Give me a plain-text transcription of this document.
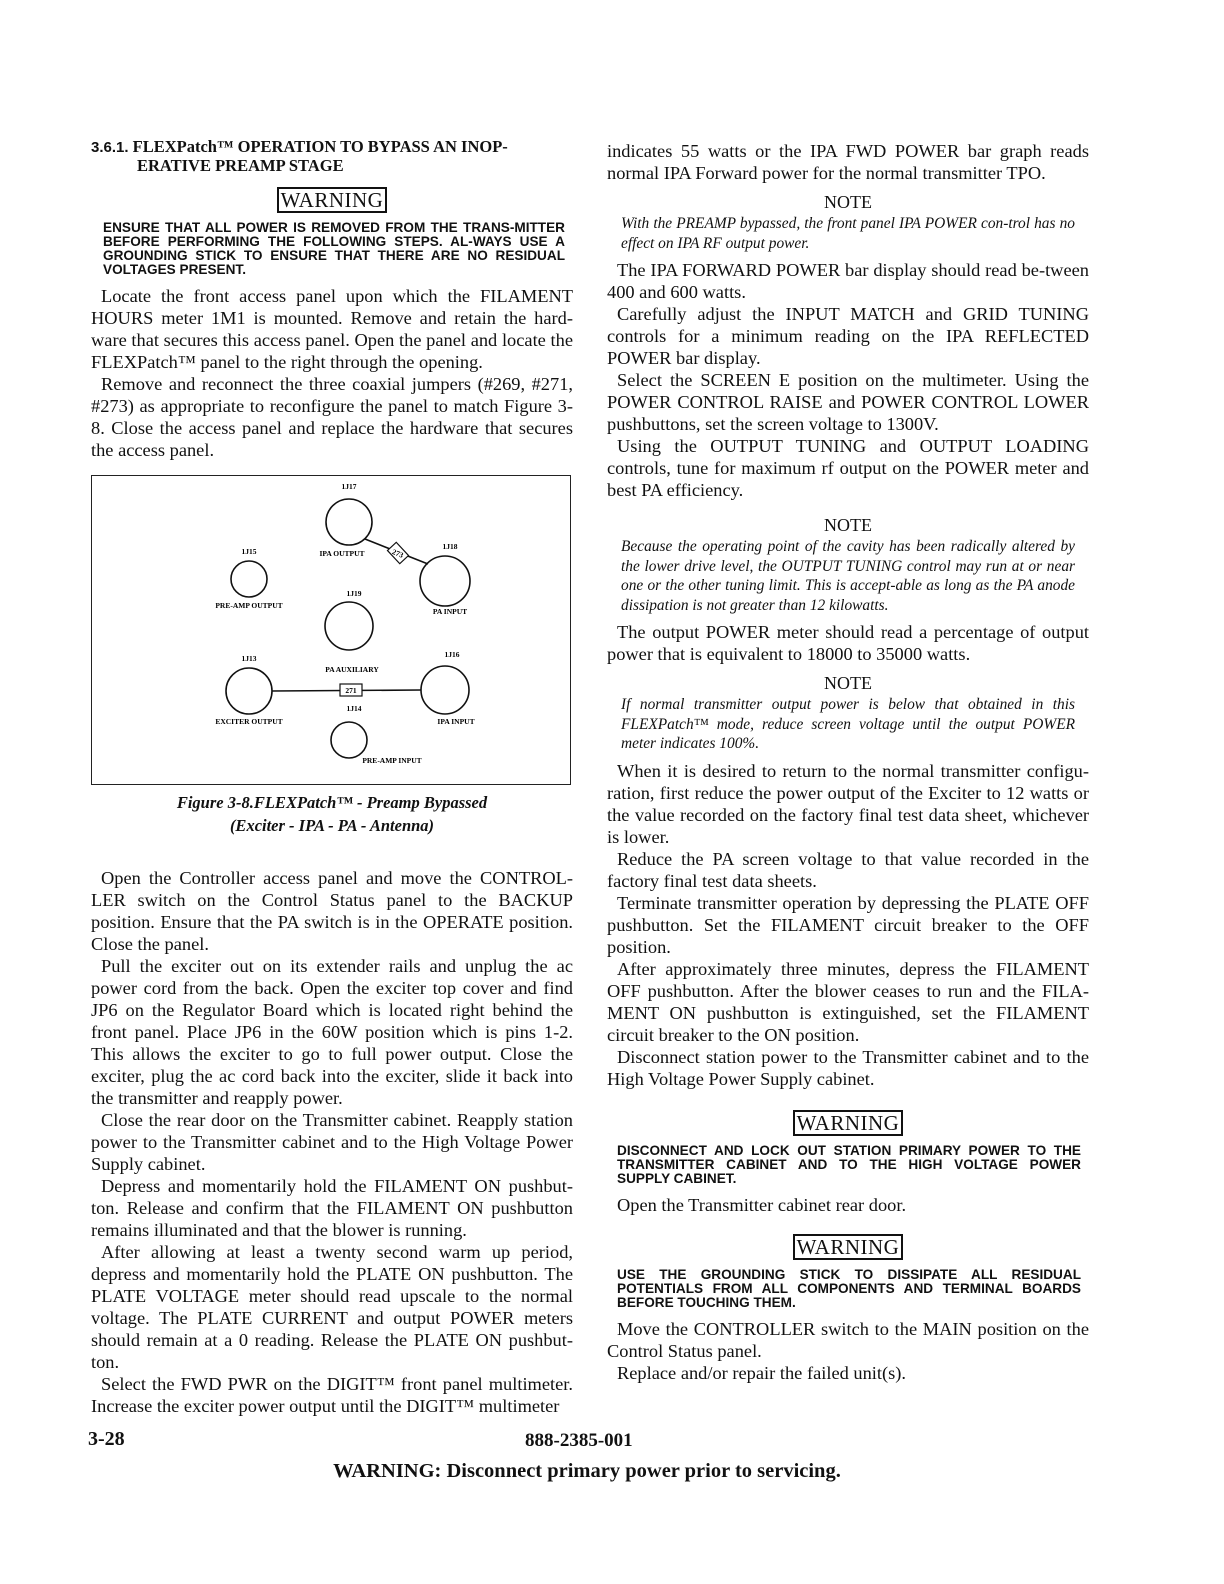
3.6.1. FLEXPatch™ OPERATION TO BYPASS AN INOP-
ERATIVE PREAMP STAGE
WARNING

ENSURE THAT ALL POWER IS REMOVED FROM THE TRANS-MITTER BEFORE PERFORMING THE FOLLOWING STEPS. AL-WAYS USE A GROUNDING STICK TO ENSURE THAT THERE ARE NO RESIDUAL VOLTAGES PRESENT.

Locate the front access panel upon which the FILAMENT HOURS meter 1M1 is mounted. Remove and retain the hard-ware that secures this access panel. Open the panel and locate the FLEXPatch™ panel to the right through the opening.

Remove and reconnect the three coaxial jumpers (#269, #271, #273) as appropriate to reconfigure the panel to match Figure 3-8. Close the access panel and replace the hardware that secures the access panel.

273
271
1J17
IPA OUTPUT
1J18
1J15
PRE-AMP OUTPUT
1J19
PA INPUT
1J13
PA AUXILIARY
1J16
1J14
EXCITER OUTPUT	IPA INPUT
PRE-AMP INPUT
Figure 3-8.FLEXPatch™ - Preamp Bypassed
(Exciter - IPA - PA - Antenna)

Open the Controller access panel and move the CONTROL-LER switch on the Control Status panel to the BACKUP position. Ensure that the PA switch is in the OPERATE position. Close the panel.

Pull the exciter out on its extender rails and unplug the ac power cord from the back. Open the exciter top cover and find JP6 on the Regulator Board which is located right behind the front panel. Place JP6 in the 60W position which is pins 1-2. This allows the exciter to go to full power output. Close the exciter, plug the ac cord back into the exciter, slide it back into the transmitter and reapply power.

Close the rear door on the Transmitter cabinet. Reapply station power to the Transmitter cabinet and to the High Voltage Power Supply cabinet.

Depress and momentarily hold the FILAMENT ON pushbut-ton. Release and confirm that the FILAMENT ON pushbutton remains illuminated and that the blower is running.

After allowing at least a twenty second warm up period, depress and momentarily hold the PLATE ON pushbutton. The PLATE VOLTAGE meter should read upscale to the normal voltage. The PLATE CURRENT and output POWER meters should remain at a 0 reading. Release the PLATE ON pushbut-ton.

Select the FWD PWR on the DIGIT™ front panel multimeter. Increase the exciter power output until the DIGIT™ multimeter

indicates 55 watts or the IPA FWD POWER bar graph reads normal IPA Forward power for the normal transmitter TPO.

NOTE

With the PREAMP bypassed, the front panel IPA POWER con-trol has no effect on IPA RF output power.

The IPA FORWARD POWER bar display should read be-tween 400 and 600 watts.

Carefully adjust the INPUT MATCH and GRID TUNING controls for a minimum reading on the IPA REFLECTED POWER bar display.

Select the SCREEN E position on the multimeter. Using the POWER CONTROL RAISE and POWER CONTROL LOWER pushbuttons, set the screen voltage to 1300V.

Using the OUTPUT TUNING and OUTPUT LOADING controls, tune for maximum rf output on the POWER meter and best PA efficiency.

NOTE

Because the operating point of the cavity has been radically altered by the lower drive level, the OUTPUT TUNING control may run at or near one or the other tuning limit. This is accept-able as long as the PA anode dissipation is not greater than 12 kilowatts.

The output POWER meter should read a percentage of output power that is equivalent to 18000 to 35000 watts.

NOTE

If normal transmitter output power is below that obtained in this FLEXPatch™ mode, reduce screen voltage until the output POWER meter indicates 100%.

When it is desired to return to the normal transmitter configu-ration, first reduce the power output of the Exciter to 12 watts or the value recorded on the factory final test data sheet, whichever is lower.

Reduce the PA screen voltage to that value recorded in the factory final test data sheets.

Terminate transmitter operation by depressing the PLATE OFF pushbutton. Set the FILAMENT circuit breaker to the OFF position.

After approximately three minutes, depress the FILAMENT OFF pushbutton. After the blower ceases to run and the FILA-MENT ON pushbutton is extinguished, set the FILAMENT circuit breaker to the ON position.

Disconnect station power to the Transmitter cabinet and to the High Voltage Power Supply cabinet.

WARNING

DISCONNECT AND LOCK OUT STATION PRIMARY POWER TO THE TRANSMITTER CABINET AND TO THE HIGH VOLTAGE POWER SUPPLY CABINET.

Open the Transmitter cabinet rear door.

WARNING

USE THE GROUNDING STICK TO DISSIPATE ALL RESIDUAL POTENTIALS FROM ALL COMPONENTS AND TERMINAL BOARDS BEFORE TOUCHING THEM.

Move the CONTROLLER switch to the MAIN position on the Control Status panel.

Replace and/or repair the failed unit(s).

3-28	888-2385-001
WARNING: Disconnect primary power prior to servicing.
